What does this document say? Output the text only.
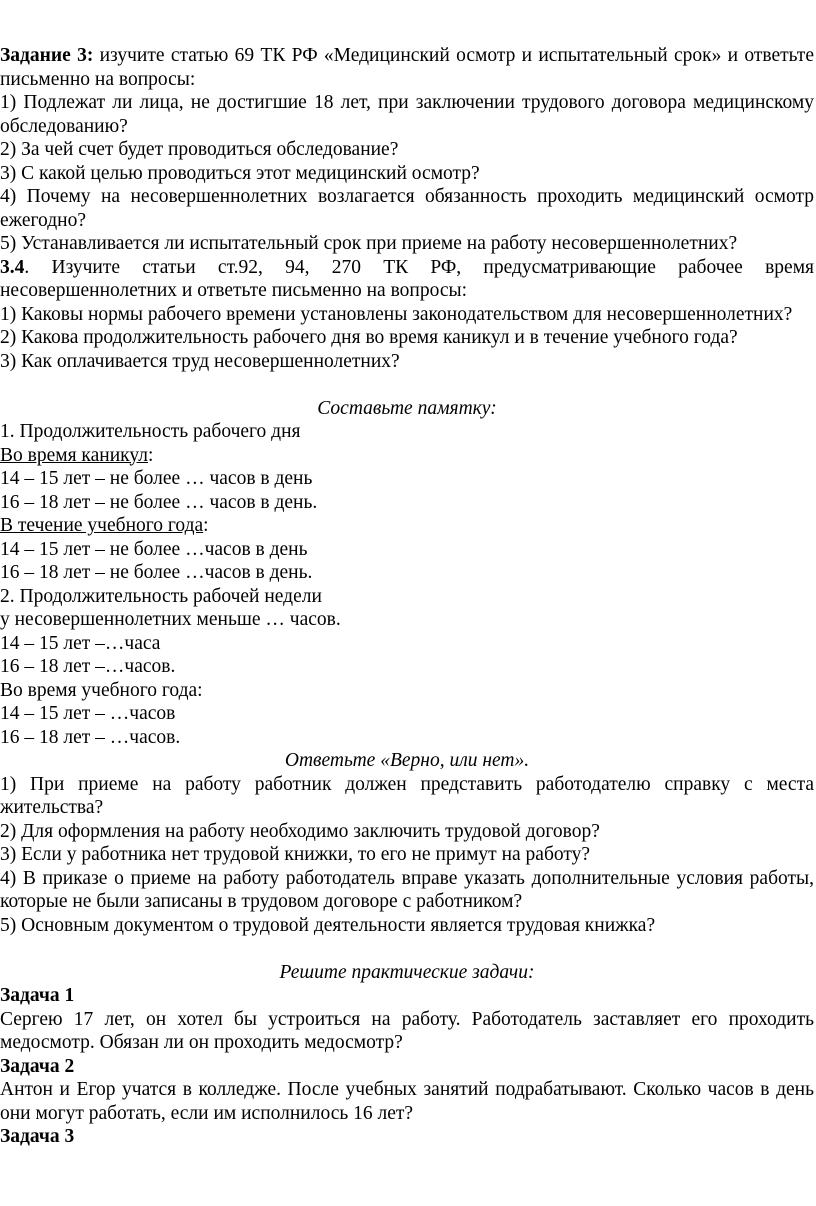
Задание 3: изучите статью 69 ТК РФ «Медицинский осмотр и испытательный срок» и ответьте письменно на вопросы:

1) Подлежат ли лица, не достигшие 18 лет, при заключении трудового договора медицинскому обследованию?

2) За чей счет будет проводиться обследование?

3) С какой целью проводиться этот медицинский осмотр?

4) Почему на несовершеннолетних возлагается обязанность проходить медицинский осмотр ежегодно?

5) Устанавливается ли испытательный срок при приеме на работу несовершеннолетних?

3.4. Изучите статьи ст.92, 94, 270 ТК РФ, предусматривающие рабочее время несовершеннолетних и ответьте письменно на вопросы:

1) Каковы нормы рабочего времени установлены законодательством для несовершеннолетних?

2) Какова продолжительность рабочего дня во время каникул и в течение учебного года?

3) Как оплачивается труд несовершеннолетних?

Составьте памятку:

1. Продолжительность рабочего дня

Во время каникул:

14 – 15 лет – не более … часов в день

16 – 18 лет – не более … часов в день.

В течение учебного года:

14 – 15 лет – не более …часов в день

16 – 18 лет – не более …часов в день.

2. Продолжительность рабочей недели

у несовершеннолетних меньше … часов.

14 – 15 лет –…часа

16 – 18 лет –…часов.

Во время учебного года:

14 – 15 лет – …часов

16 – 18 лет – …часов.

Ответьте «Верно, или нет».

1) При приеме на работу работник должен представить работодателю справку с места жительства?

2) Для оформления на работу необходимо заключить трудовой договор?

3) Если у работника нет трудовой книжки, то его не примут на работу?

4) В приказе о приеме на работу работодатель вправе указать дополнительные условия работы, которые не были записаны в трудовом договоре с работником?

5) Основным документом о трудовой деятельности является трудовая книжка?

Решите практические задачи:

Задача 1

Сергею 17 лет, он хотел бы устроиться на работу. Работодатель заставляет его проходить медосмотр. Обязан ли он проходить медосмотр?

Задача 2

Антон и Егор учатся в колледже. После учебных занятий подрабатывают. Сколько часов в день они могут работать, если им исполнилось 16 лет?

Задача 3
